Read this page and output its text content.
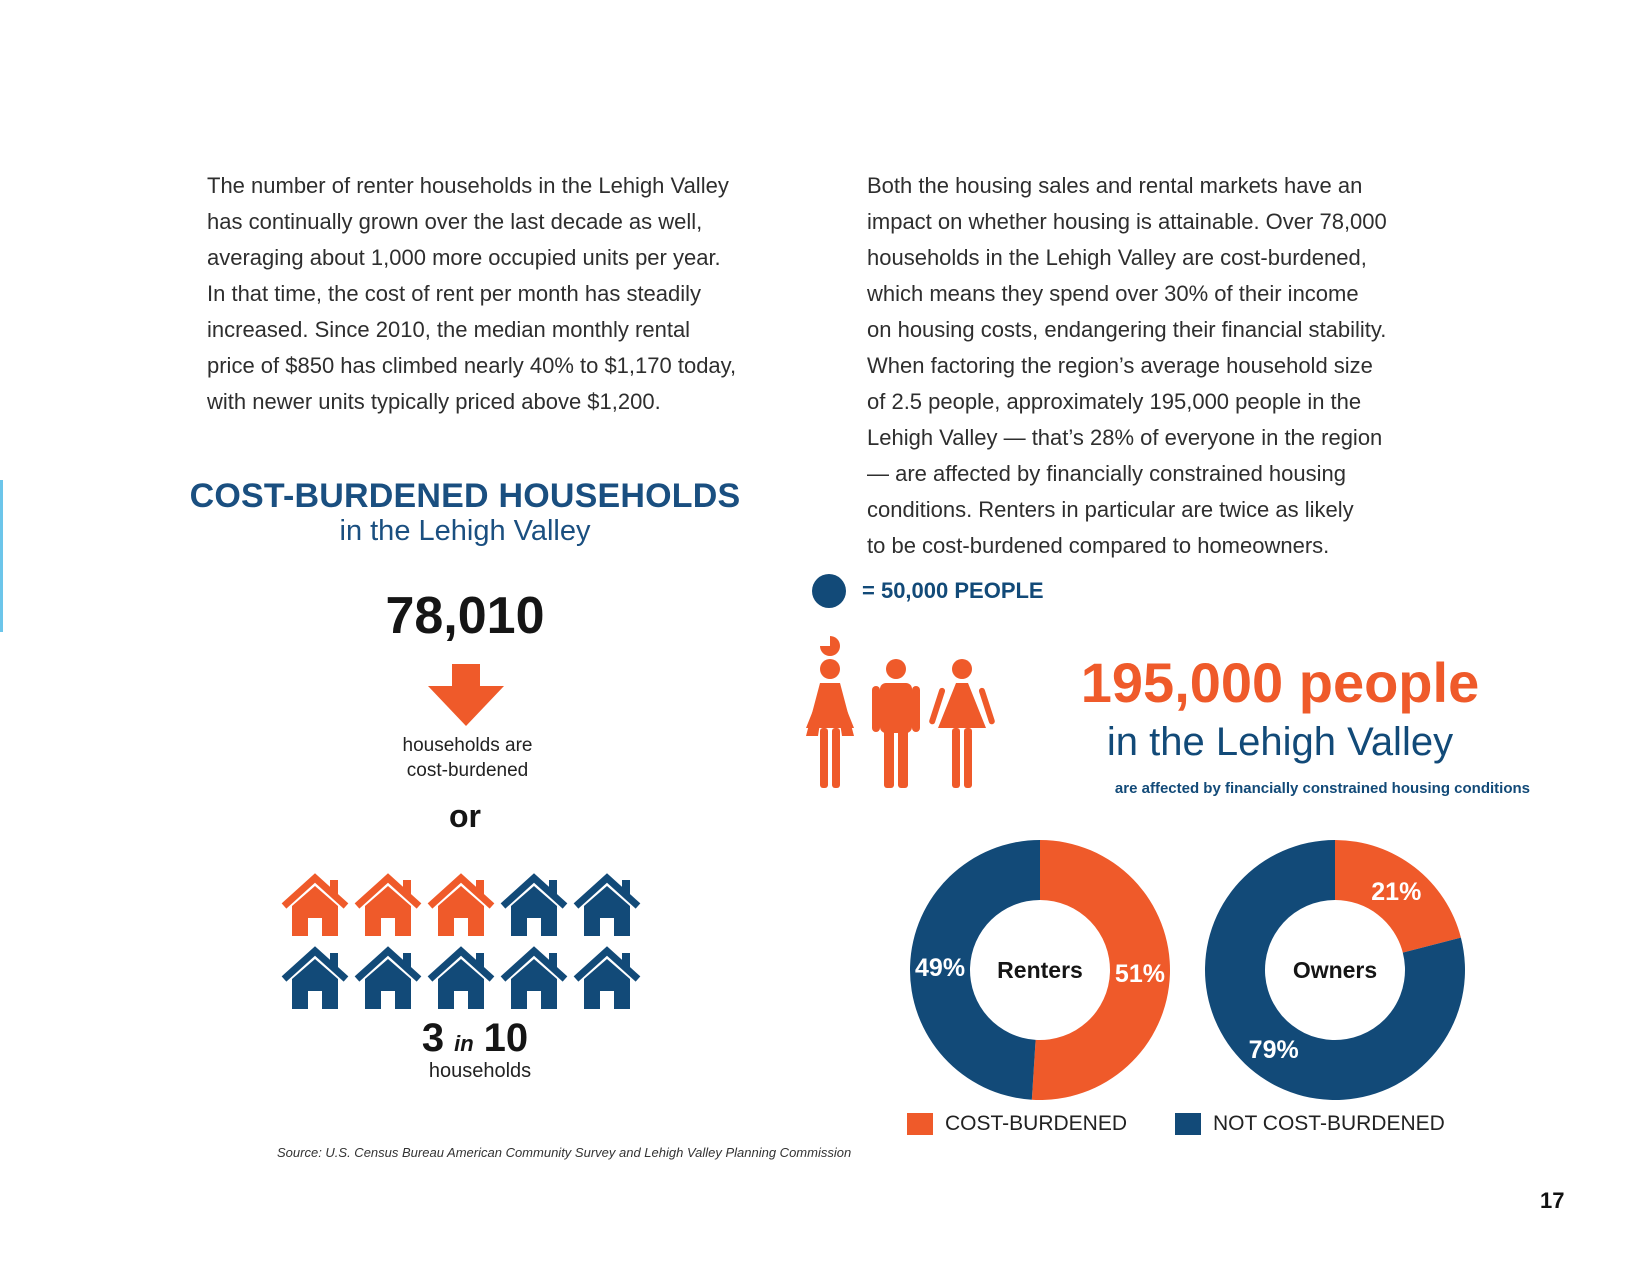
The number of renter households in the Lehigh Valley
has continually grown over the last decade as well,
averaging about 1,000 more occupied units per year.
In that time, the cost of rent per month has steadily
increased. Since 2010, the median monthly rental
price of $850 has climbed nearly 40% to $1,170 today,
with newer units typically priced above $1,200.
Both the housing sales and rental markets have an
impact on whether housing is attainable. Over 78,000
households in the Lehigh Valley are cost-burdened,
which means they spend over 30% of their income
on housing costs, endangering their financial stability.
When factoring the region’s average household size
of 2.5 people, approximately 195,000 people in the
Lehigh Valley — that’s 28% of everyone in the region
— are affected by financially constrained housing
conditions. Renters in particular are twice as likely
to be cost-burdened compared to homeowners.
COST-BURDENED HOUSEHOLDS
in the Lehigh Valley
78,010
households are
cost-burdened
or
3 in 10
households
Source: U.S. Census Bureau American Community Survey and Lehigh Valley Planning Commission
= 50,000 PEOPLE
195,000 people
in the Lehigh Valley
are affected by financially constrained housing conditions
51%
49% Renters
21%
79%
Owners
COST-BURDENED	NOT COST-BURDENED
17
